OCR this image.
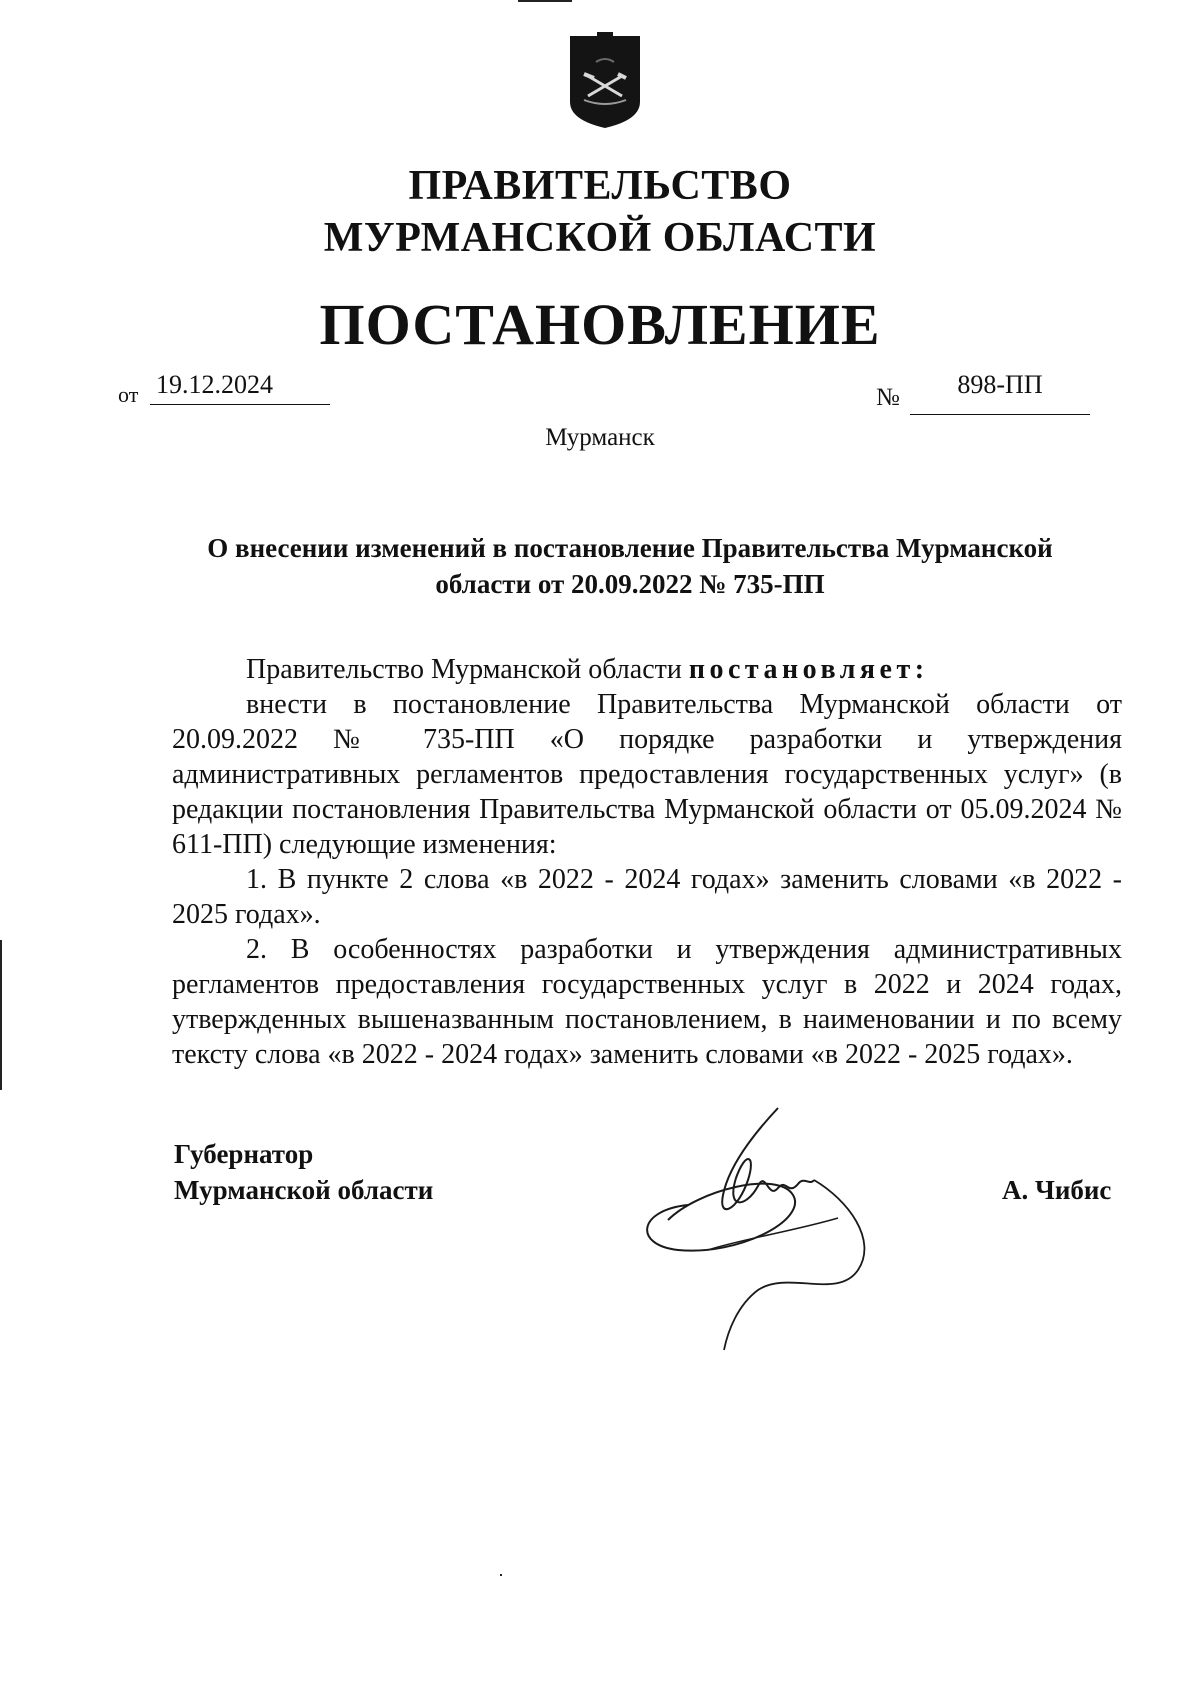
ПРАВИТЕЛЬСТВО
МУРМАНСКОЙ ОБЛАСТИ
ПОСТАНОВЛЕНИЕ
от 19.12.2024	№	898-ПП
Мурманск
О внесении изменений в постановление Правительства Мурманской
области от 20.09.2022 № 735-ПП

Правительство Мурманской области постановляет:

внести в постановление Правительства Мурманской области от 20.09.2022 № 735-ПП «О порядке разработки и утверждения административных регламентов предоставления государственных услуг» (в редакции постановления Правительства Мурманской области от 05.09.2024 № 611-ПП) следующие изменения:

1. В пункте 2 слова «в 2022 - 2024 годах» заменить словами «в 2022 - 2025 годах».

2. В особенностях разработки и утверждения административных регламентов предоставления государственных услуг в 2022 и 2024 годах, утвержденных вышеназванным постановлением, в наименовании и по всему тексту слова «в 2022 - 2024 годах» заменить словами «в 2022 - 2025 годах».

Губернатор
Мурманской области	А. Чибис
